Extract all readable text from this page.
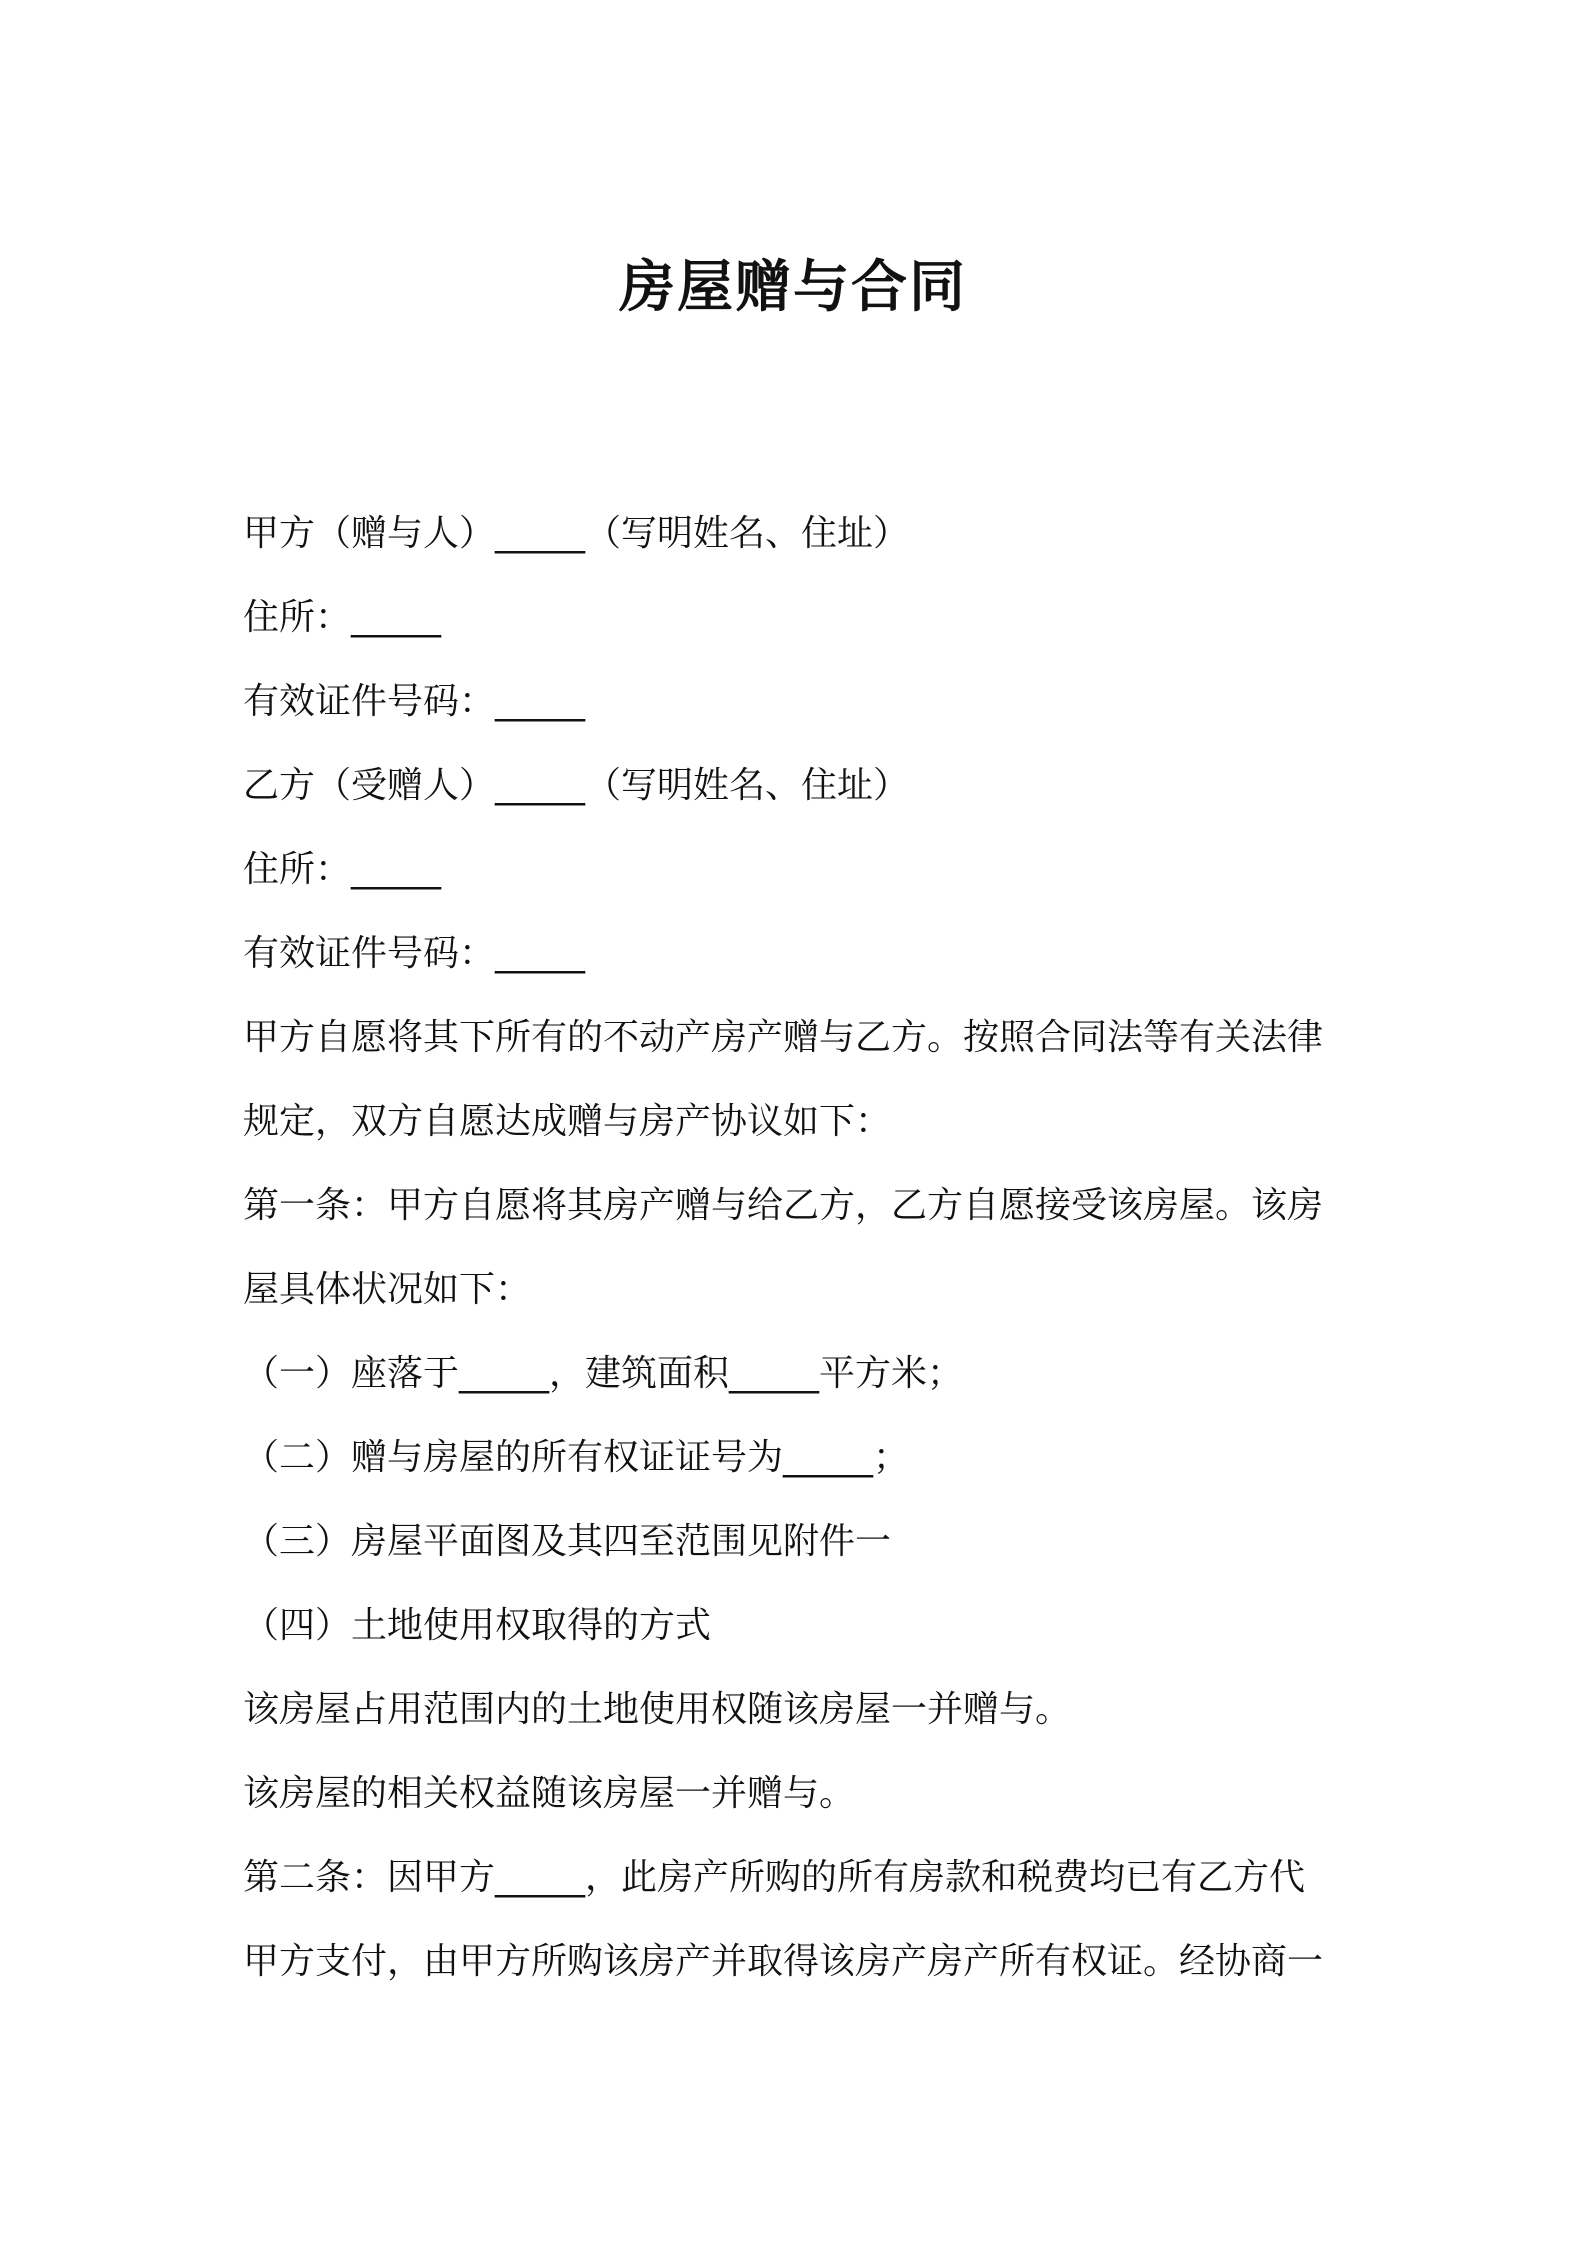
房屋赠与合同

甲方（赠与人）_____（写明姓名、住址）

住所：_____

有效证件号码：_____

乙方（受赠人）_____（写明姓名、住址）

住所：_____

有效证件号码：_____

甲方自愿将其下所有的不动产房产赠与乙方。按照合同法等有关法律

规定，双方自愿达成赠与房产协议如下：

第一条：甲方自愿将其房产赠与给乙方，乙方自愿接受该房屋。该房

屋具体状况如下：

（一）座落于_____，建筑面积_____平方米；

（二）赠与房屋的所有权证证号为_____；

（三）房屋平面图及其四至范围见附件一

（四）土地使用权取得的方式

该房屋占用范围内的土地使用权随该房屋一并赠与。

该房屋的相关权益随该房屋一并赠与。

第二条：因甲方_____，此房产所购的所有房款和税费均已有乙方代

甲方支付，由甲方所购该房产并取得该房产房产所有权证。经协商一
